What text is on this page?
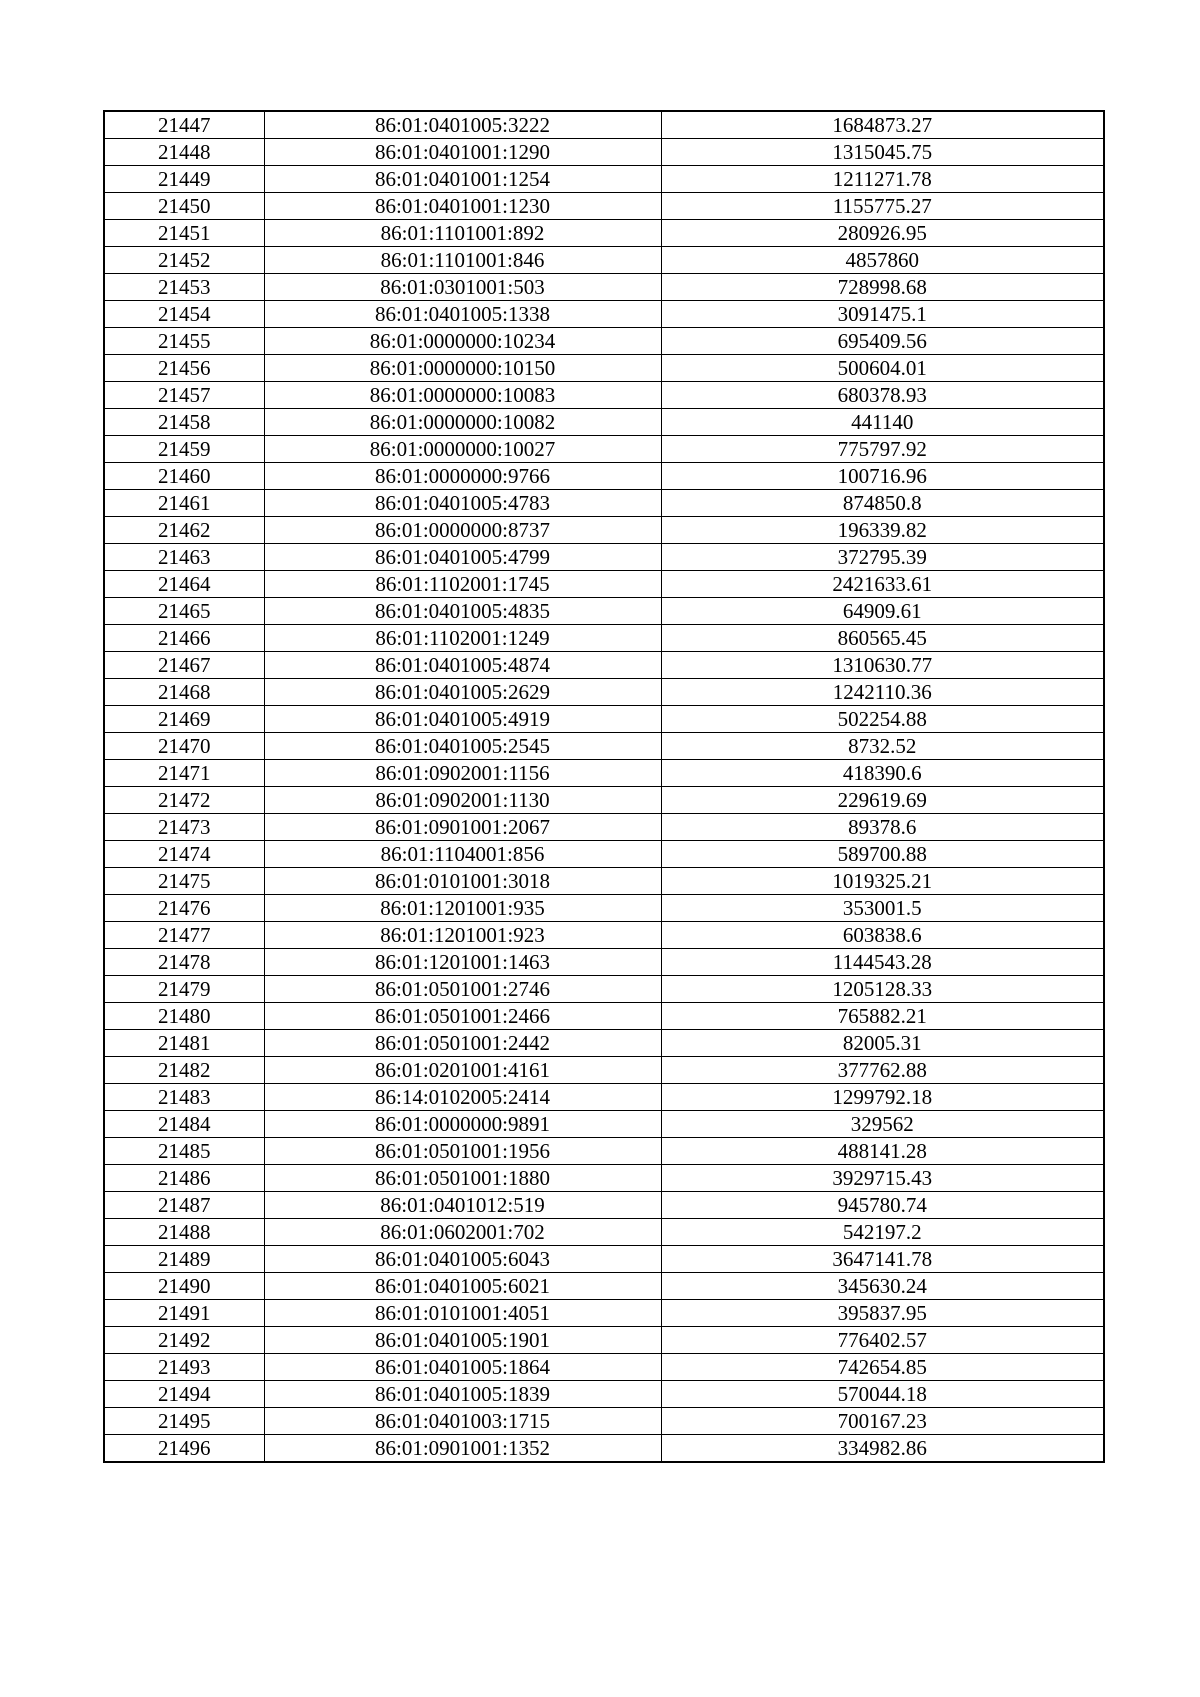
21447	86:01:0401005:3222	1684873.27
21448	86:01:0401001:1290	1315045.75
21449	86:01:0401001:1254	1211271.78
21450	86:01:0401001:1230	1155775.27
21451	86:01:1101001:892	280926.95
21452	86:01:1101001:846	4857860
21453	86:01:0301001:503	728998.68
21454	86:01:0401005:1338	3091475.1
21455	86:01:0000000:10234	695409.56
21456	86:01:0000000:10150	500604.01
21457	86:01:0000000:10083	680378.93
21458	86:01:0000000:10082	441140
21459	86:01:0000000:10027	775797.92
21460	86:01:0000000:9766	100716.96
21461	86:01:0401005:4783	874850.8
21462	86:01:0000000:8737	196339.82
21463	86:01:0401005:4799	372795.39
21464	86:01:1102001:1745	2421633.61
21465	86:01:0401005:4835	64909.61
21466	86:01:1102001:1249	860565.45
21467	86:01:0401005:4874	1310630.77
21468	86:01:0401005:2629	1242110.36
21469	86:01:0401005:4919	502254.88
21470	86:01:0401005:2545	8732.52
21471	86:01:0902001:1156	418390.6
21472	86:01:0902001:1130	229619.69
21473	86:01:0901001:2067	89378.6
21474	86:01:1104001:856	589700.88
21475	86:01:0101001:3018	1019325.21
21476	86:01:1201001:935	353001.5
21477	86:01:1201001:923	603838.6
21478	86:01:1201001:1463	1144543.28
21479	86:01:0501001:2746	1205128.33
21480	86:01:0501001:2466	765882.21
21481	86:01:0501001:2442	82005.31
21482	86:01:0201001:4161	377762.88
21483	86:14:0102005:2414	1299792.18
21484	86:01:0000000:9891	329562
21485	86:01:0501001:1956	488141.28
21486	86:01:0501001:1880	3929715.43
21487	86:01:0401012:519	945780.74
21488	86:01:0602001:702	542197.2
21489	86:01:0401005:6043	3647141.78
21490	86:01:0401005:6021	345630.24
21491	86:01:0101001:4051	395837.95
21492	86:01:0401005:1901	776402.57
21493	86:01:0401005:1864	742654.85
21494	86:01:0401005:1839	570044.18
21495	86:01:0401003:1715	700167.23
21496	86:01:0901001:1352	334982.86
